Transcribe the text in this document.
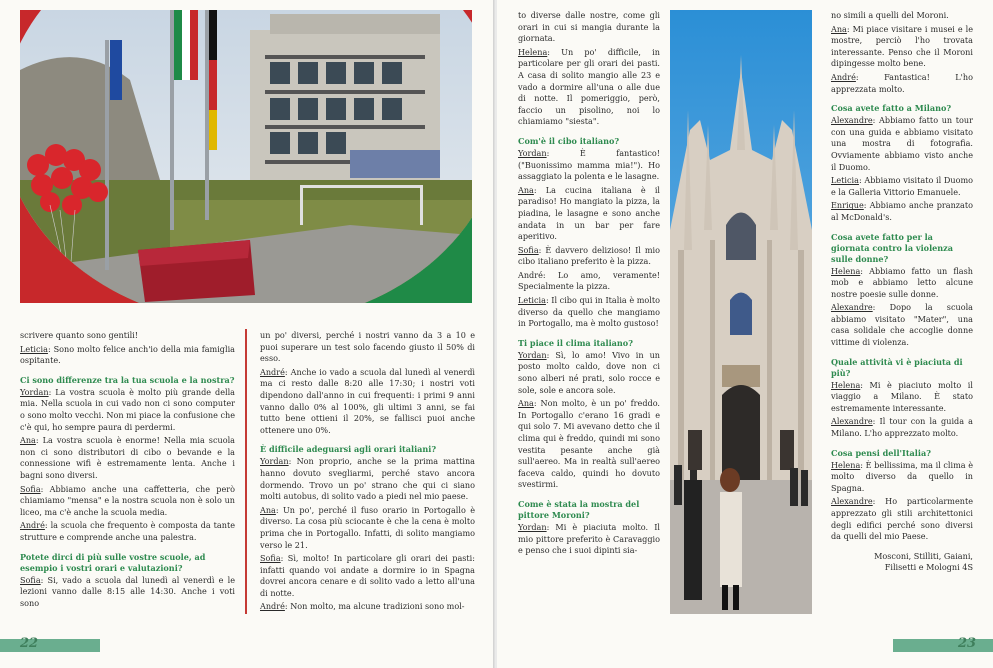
scrivere quanto sono gentili!

Leticia: Sono molto felice anch'io della mia famiglia ospitante.

Ci sono differenze tra la tua scuola e la nostra?

Yordan: La vostra scuola è molto più grande della mia. Nella scuola in cui vado non ci sono computer o sono molto vecchi. Non mi piace la confusione che c'è qui, ho sempre paura di perdermi.

Ana: La vostra scuola è enorme! Nella mia scuola non ci sono distributori di cibo o bevande e la connessione wifi è estremamente lenta. Anche i bagni sono diversi.

Sofia: Abbiamo anche una caffetteria, che però chiamiamo "mensa" e la nostra scuola non è solo un liceo, ma c'è anche la scuola media.

André: la scuola che frequento è composta da tante strutture e comprende anche una palestra.

Potete dirci di più sulle vostre scuole, ad esempio i vostri orari e valutazioni?

Sofia: Si, vado a scuola dal lunedì al venerdì e le lezioni vanno dalle 8:15 alle 14:30. Anche i voti sono

un po' diversi, perché i nostri vanno da 3 a 10 e puoi superare un test solo facendo giusto il 50% di esso.

André: Anche io vado a scuola dal lunedì al venerdì ma ci resto dalle 8:20 alle 17:30; i nostri voti dipendono dall'anno in cui frequenti: i primi 9 anni vanno dallo 0% al 100%, gli ultimi 3 anni, se fai tutto bene ottieni il 20%, se fallisci puoi anche ottenere uno 0%.

È difficile adeguarsi agli orari italiani?

Yordan: Non proprio, anche se la prima mattina hanno dovuto svegliarmi, perché stavo ancora dormendo. Trovo un po' strano che qui ci siano molti autobus, di solito vado a piedi nel mio paese.

Ana: Un po', perché il fuso orario in Portogallo è diverso. La cosa più sciocante è che la cena è molto prima che in Portogallo. Infatti, di solito mangiamo verso le 21.

Sofia: Sì, molto! In particolare gli orari dei pasti: infatti quando voi andate a dormire io in Spagna dovrei ancora cenare e di solito vado a letto all'una di notte.

André: Non molto, ma alcune tradizioni sono mol-

22

to diverse dalle nostre, come gli orari in cui si mangia durante la giornata.

Helena: Un po' difficile, in particolare per gli orari dei pasti. A casa di solito mangio alle 23 e vado a dormire all'una o alle due di notte. Il pomeriggio, però, faccio un pisolino, noi lo chiamiamo "siesta".

Com'è il cibo italiano?

Yordan: È fantastico! ("Buonissimo mamma mia!"). Ho assaggiato la polenta e le lasagne.

Ana: La cucina italiana è il paradiso! Ho mangiato la pizza, la piadina, le lasagne e sono anche andata in un bar per fare aperitivo.

Sofia: È davvero delizioso! Il mio cibo italiano preferito è la pizza.

André: Lo amo, veramente! Specialmente la pizza.

Leticia: Il cibo qui in Italia è molto diverso da quello che mangiamo in Portogallo, ma è molto gustoso!

Ti piace il clima italiano?

Yordan: Sì, lo amo! Vivo in un posto molto caldo, dove non ci sono alberi né prati, solo rocce e sole, sole e ancora sole.

Ana: Non molto, è un po' freddo. In Portogallo c'erano 16 gradi e qui solo 7. Mi avevano detto che il clima qui è freddo, quindi mi sono vestita pesante anche già sull'aereo. Ma in realtà sull'aereo faceva caldo, quindi ho dovuto svestirmi.

Come è stata la mostra del pittore Moroni?

Yordan: Mi è piaciuta molto. Il mio pittore preferito è Caravaggio e penso che i suoi dipinti sia-

no simili a quelli del Moroni.

Ana: Mi piace visitare i musei e le mostre, perciò l'ho trovata interessante. Penso che il Moroni dipingesse molto bene.

André: Fantastica! L'ho apprezzata molto.

Cosa avete fatto a Milano?

Alexandre: Abbiamo fatto un tour con una guida e abbiamo visitato una mostra di fotografia. Ovviamente abbiamo visto anche il Duomo.

Leticia: Abbiamo visitato il Duomo e la Galleria Vittorio Emanuele.

Enrique: Abbiamo anche pranzato al McDonald's.

Cosa avete fatto per la giornata contro la violenza sulle donne?

Helena: Abbiamo fatto un flash mob e abbiamo letto alcune nostre poesie sulle donne.

Alexandre: Dopo la scuola abbiamo visitato "Mater", una casa solidale che accoglie donne vittime di violenza.

Quale attività vi è piaciuta di più?

Helena: Mi è piaciuto molto il viaggio a Milano. È stato estremamente interessante.

Alexandre: Il tour con la guida a Milano. L'ho apprezzato molto.

Cosa pensi dell'Italia?

Helena: È bellissima, ma il clima è molto diverso da quello in Spagna.

Alexandre: Ho particolarmente apprezzato gli stili architettonici degli edifici perché sono diversi da quelli del mio Paese.

Mosconi, Stilliti, Gaiani,
Filisetti e Mologni 4S
23
